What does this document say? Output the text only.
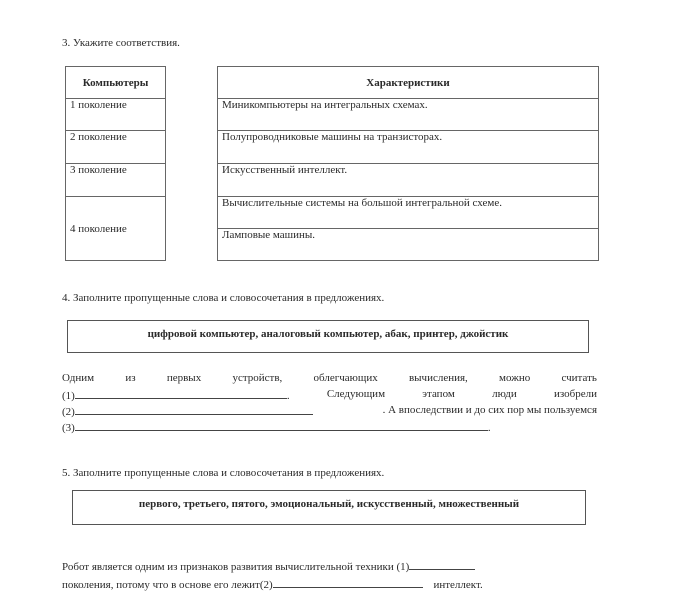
3. Укажите соответствия.
Компьютеры
1 поколение
2 поколение
3 поколение
4 поколение
Характеристики
Миникомпьютеры на интегральных схемах.
Полупроводниковые машины на транзисторах.
Искусственный интеллект.
Вычислительные системы на большой интегральной схеме.
Ламповые машины.
4. Заполните пропущенные слова и словосочетания в предложениях.
цифровой компьютер, аналоговый компьютер, абак, принтер, джойстик
Одним	из	первых	устройств,	облегчающих	вычисления,	можно	считать
(1)	.	Следующим	этапом	люди	изобрели
(2)	. А впоследствии и до сих пор мы пользуемся
(3)	.
5. Заполните пропущенные слова и словосочетания в предложениях.
первого, третьего, пятого, эмоциональный, искусственный, множественный
Робот является одним из признаков развития вычислительной техники (1)
поколения, потому что в основе его лежит(2)	интеллект.
